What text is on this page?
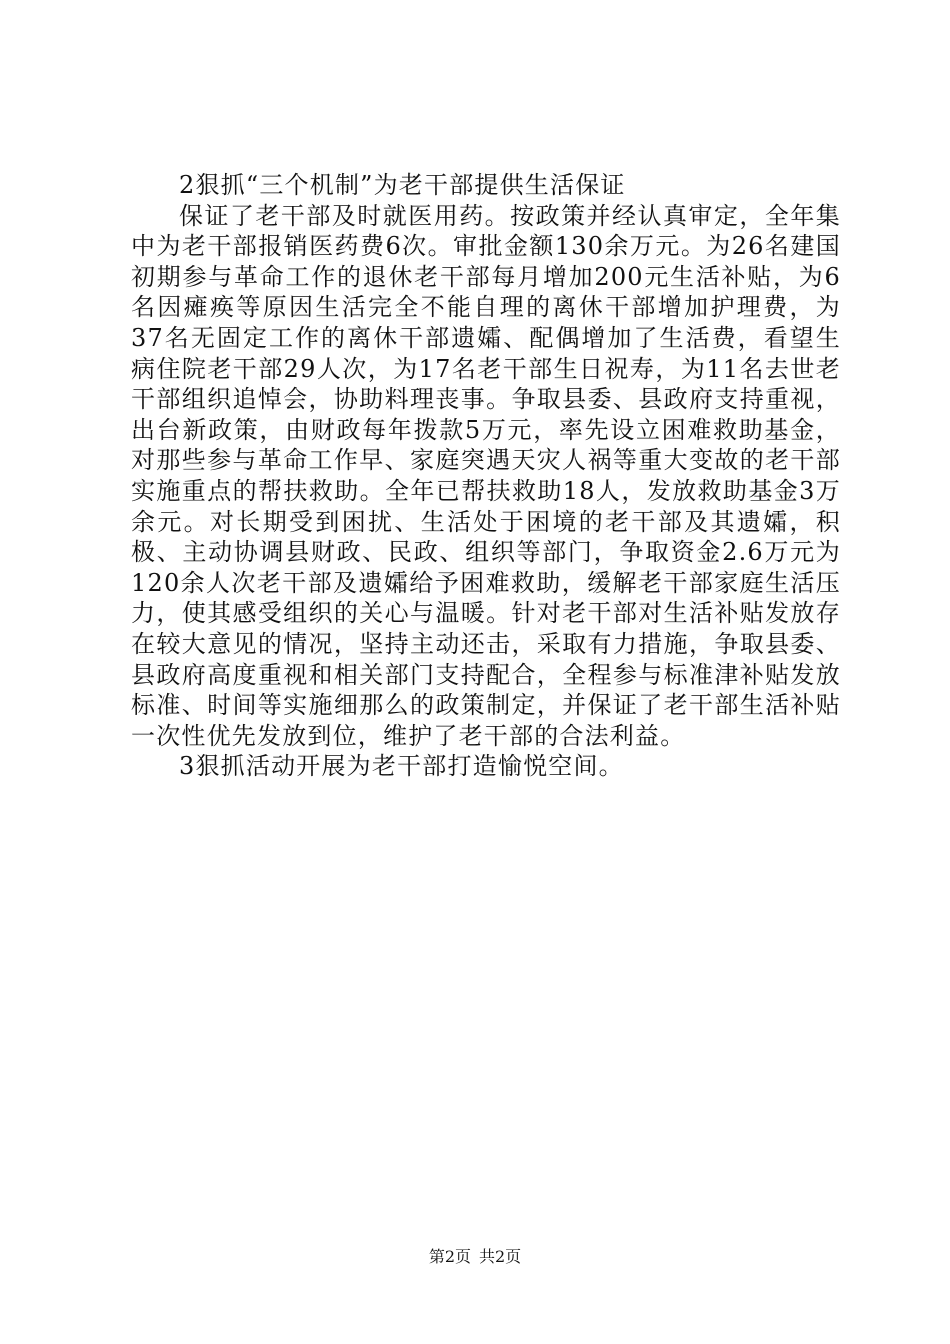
2狠抓“三个机制”为老干部提供生活保证

保证了老干部及时就医用药。按政策并经认真审定，全年集中为老干部报销医药费6次。审批金额130余万元。为26名建国初期参与革命工作的退休老干部每月增加200元生活补贴，为6名因瘫痪等原因生活完全不能自理的离休干部增加护理费，为37名无固定工作的离休干部遗孀、配偶增加了生活费，看望生病住院老干部29人次，为17名老干部生日祝寿，为11名去世老干部组织追悼会，协助料理丧事。争取县委、县政府支持重视，出台新政策，由财政每年拨款5万元，率先设立困难救助基金，对那些参与革命工作早、家庭突遇天灾人祸等重大变故的老干部实施重点的帮扶救助。全年已帮扶救助18人，发放救助基金3万余元。对长期受到困扰、生活处于困境的老干部及其遗孀，积极、主动协调县财政、民政、组织等部门，争取资金2.6万元为120余人次老干部及遗孀给予困难救助，缓解老干部家庭生活压力，使其感受组织的关心与温暖。针对老干部对生活补贴发放存在较大意见的情况，坚持主动还击，采取有力措施，争取县委、县政府高度重视和相关部门支持配合，全程参与标准津补贴发放标准、时间等实施细那么的政策制定，并保证了老干部生活补贴一次性优先发放到位，维护了老干部的合法利益。

3狠抓活动开展为老干部打造愉悦空间。

第2页 共2页
